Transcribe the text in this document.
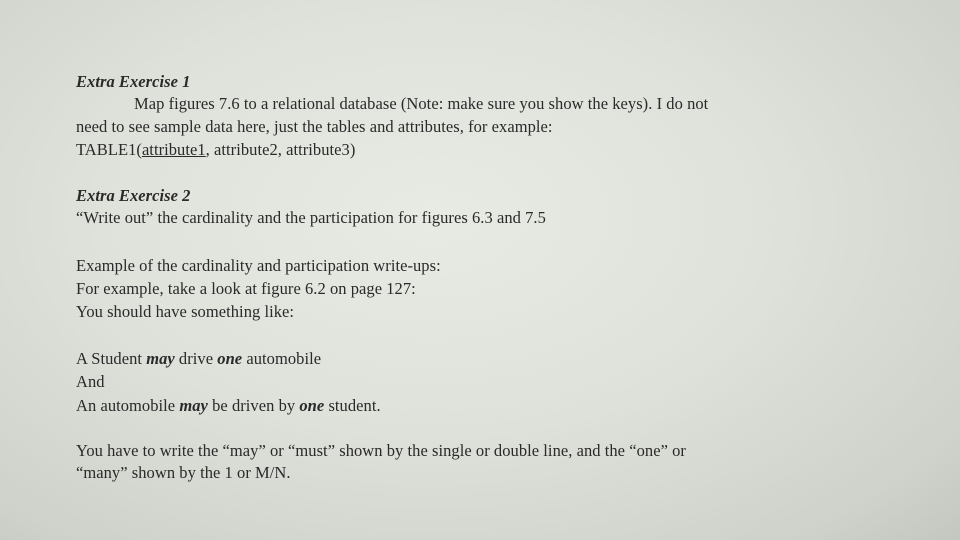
Extra Exercise 1
Map figures 7.6 to a relational database (Note: make sure you show the keys). I do not
need to see sample data here, just the tables and attributes, for example:
TABLE1(attribute1, attribute2, attribute3)
Extra Exercise 2
“Write out” the cardinality and the participation for figures 6.3 and 7.5
Example of the cardinality and participation write-ups:
For example, take a look at figure 6.2 on page 127:
You should have something like:
A Student may drive one automobile
And
An automobile may be driven by one student.
You have to write the “may” or “must” shown by the single or double line, and the “one” or
“many” shown by the 1 or M/N.
